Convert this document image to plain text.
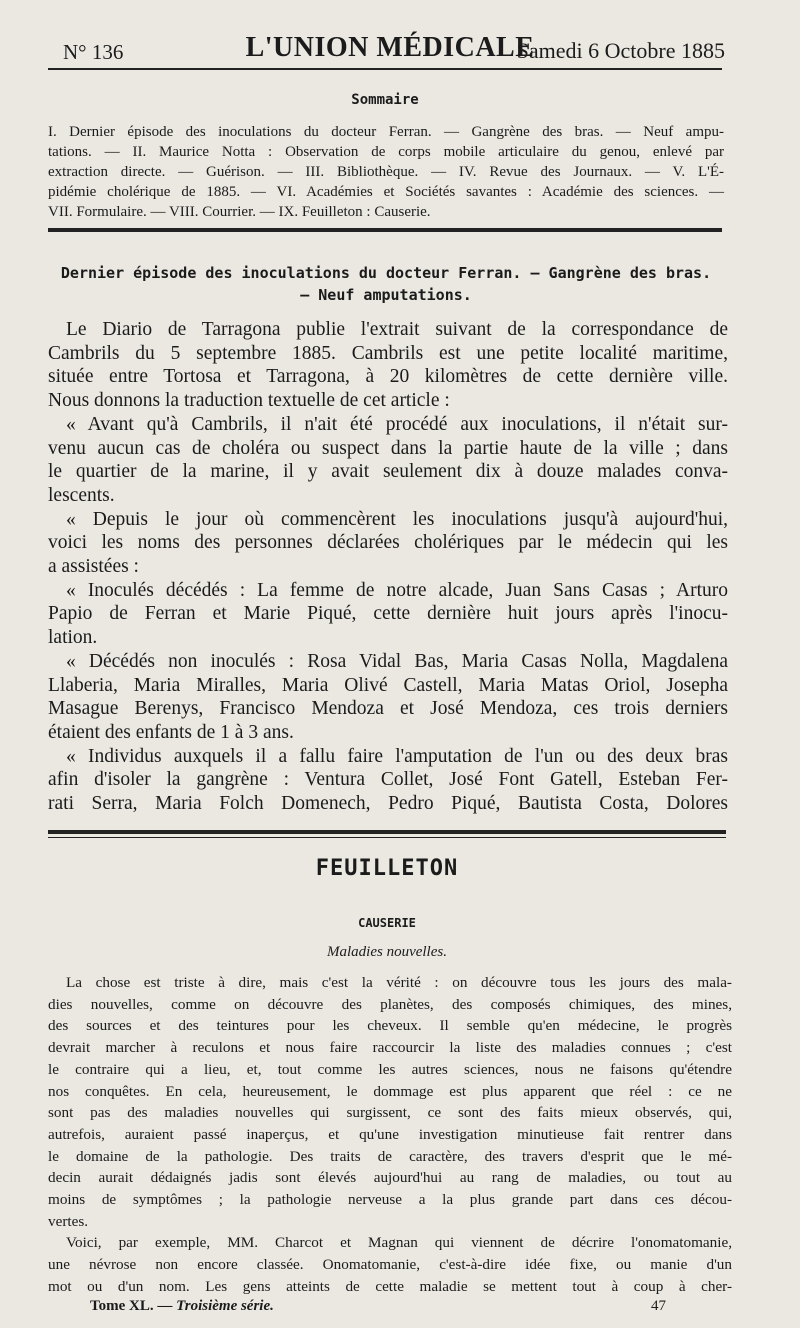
N° 136	L'UNION MÉDICALE
Samedi 6 Octobre 1885
Sommaire
I. Dernier épisode des inoculations du docteur Ferran. — Gangrène des bras. — Neuf ampu-
tations. — II. Maurice Notta : Observation de corps mobile articulaire du genou, enlevé par
extraction directe. — Guérison. — III. Bibliothèque. — IV. Revue des Journaux. — V. L'É-
pidémie cholérique de 1885. — VI. Académies et Sociétés savantes : Académie des sciences. —
VII. Formulaire. — VIII. Courrier. — IX. Feuilleton : Causerie.
Dernier épisode des inoculations du docteur Ferran. — Gangrène des bras.
— Neuf amputations.
Le Diario de Tarragona publie l'extrait suivant de la correspondance de
Cambrils du 5 septembre 1885. Cambrils est une petite localité maritime,
située entre Tortosa et Tarragona, à 20 kilomètres de cette dernière ville.
Nous donnons la traduction textuelle de cet article :
« Avant qu'à Cambrils, il n'ait été procédé aux inoculations, il n'était sur-
venu aucun cas de choléra ou suspect dans la partie haute de la ville ; dans
le quartier de la marine, il y avait seulement dix à douze malades conva-
lescents.
« Depuis le jour où commencèrent les inoculations jusqu'à aujourd'hui,
voici les noms des personnes déclarées cholériques par le médecin qui les
a assistées :
« Inoculés décédés : La femme de notre alcade, Juan Sans Casas ; Arturo
Papio de Ferran et Marie Piqué, cette dernière huit jours après l'inocu-
lation.
« Décédés non inoculés : Rosa Vidal Bas, Maria Casas Nolla, Magdalena
Llaberia, Maria Miralles, Maria Olivé Castell, Maria Matas Oriol, Josepha
Masague Berenys, Francisco Mendoza et José Mendoza, ces trois derniers
étaient des enfants de 1 à 3 ans.
« Individus auxquels il a fallu faire l'amputation de l'un ou des deux bras
afin d'isoler la gangrène : Ventura Collet, José Font Gatell, Esteban Fer-
rati Serra, Maria Folch Domenech, Pedro Piqué, Bautista Costa, Dolores
FEUILLETON
CAUSERIE
Maladies nouvelles.
La chose est triste à dire, mais c'est la vérité : on découvre tous les jours des mala-
dies nouvelles, comme on découvre des planètes, des composés chimiques, des mines,
des sources et des teintures pour les cheveux. Il semble qu'en médecine, le progrès
devrait marcher à reculons et nous faire raccourcir la liste des maladies connues ; c'est
le contraire qui a lieu, et, tout comme les autres sciences, nous ne faisons qu'étendre
nos conquêtes. En cela, heureusement, le dommage est plus apparent que réel : ce ne
sont pas des maladies nouvelles qui surgissent, ce sont des faits mieux observés, qui,
autrefois, auraient passé inaperçus, et qu'une investigation minutieuse fait rentrer dans
le domaine de la pathologie. Des traits de caractère, des travers d'esprit que le mé-
decin aurait dédaignés jadis sont élevés aujourd'hui au rang de maladies, ou tout au
moins de symptômes ; la pathologie nerveuse a la plus grande part dans ces décou-
vertes.
Voici, par exemple, MM. Charcot et Magnan qui viennent de décrire l'onomatomanie,
une névrose non encore classée. Onomatomanie, c'est-à-dire idée fixe, ou manie d'un
mot ou d'un nom. Les gens atteints de cette maladie se mettent tout à coup à cher-
Tome XL. — Troisième série.	47
